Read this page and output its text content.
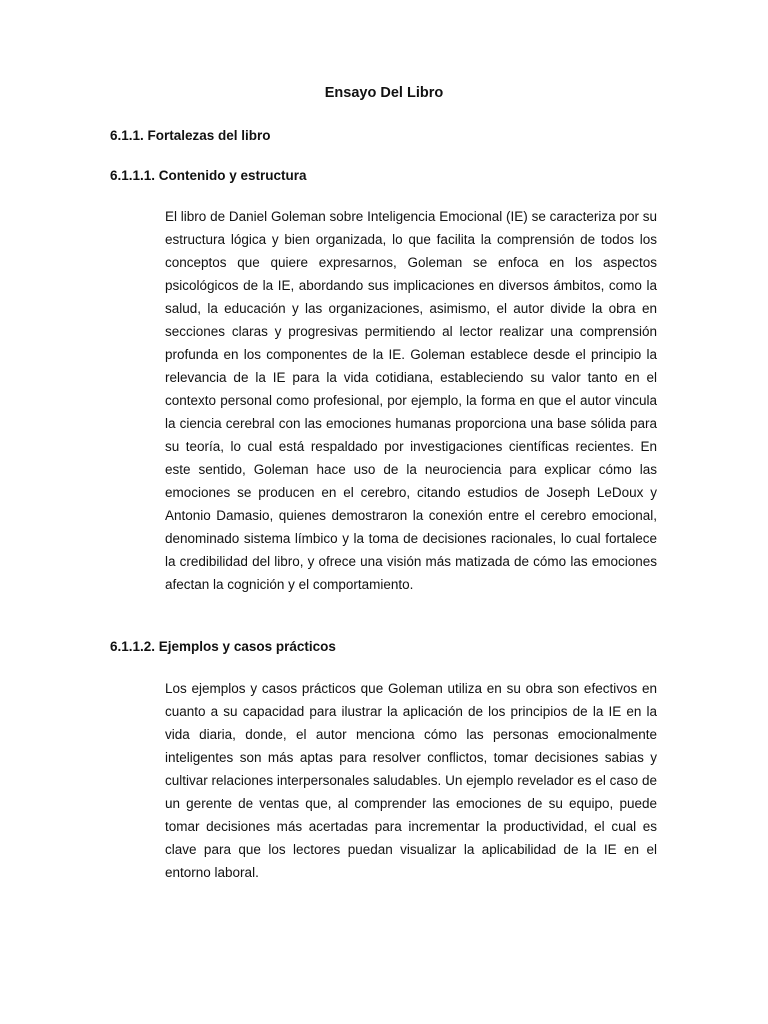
Ensayo Del Libro
6.1.1. Fortalezas del libro
6.1.1.1. Contenido y estructura

El libro de Daniel Goleman sobre Inteligencia Emocional (IE) se caracteriza por su estructura lógica y bien organizada, lo que facilita la comprensión de todos los conceptos que quiere expresarnos, Goleman se enfoca en los aspectos psicológicos de la IE, abordando sus implicaciones en diversos ámbitos, como la salud, la educación y las organizaciones, asimismo, el autor divide la obra en secciones claras y progresivas permitiendo al lector realizar una comprensión profunda en los componentes de la IE. Goleman establece desde el principio la relevancia de la IE para la vida cotidiana, estableciendo su valor tanto en el contexto personal como profesional, por ejemplo, la forma en que el autor vincula la ciencia cerebral con las emociones humanas proporciona una base sólida para su teoría, lo cual está respaldado por investigaciones científicas recientes. En este sentido, Goleman hace uso de la neurociencia para explicar cómo las emociones se producen en el cerebro, citando estudios de Joseph LeDoux y Antonio Damasio, quienes demostraron la conexión entre el cerebro emocional, denominado sistema límbico y la toma de decisiones racionales, lo cual fortalece la credibilidad del libro, y ofrece una visión más matizada de cómo las emociones afectan la cognición y el comportamiento.

6.1.1.2. Ejemplos y casos prácticos

Los ejemplos y casos prácticos que Goleman utiliza en su obra son efectivos en cuanto a su capacidad para ilustrar la aplicación de los principios de la IE en la vida diaria, donde, el autor menciona cómo las personas emocionalmente inteligentes son más aptas para resolver conflictos, tomar decisiones sabias y cultivar relaciones interpersonales saludables. Un ejemplo revelador es el caso de un gerente de ventas que, al comprender las emociones de su equipo, puede tomar decisiones más acertadas para incrementar la productividad, el cual es clave para que los lectores puedan visualizar la aplicabilidad de la IE en el entorno laboral.
